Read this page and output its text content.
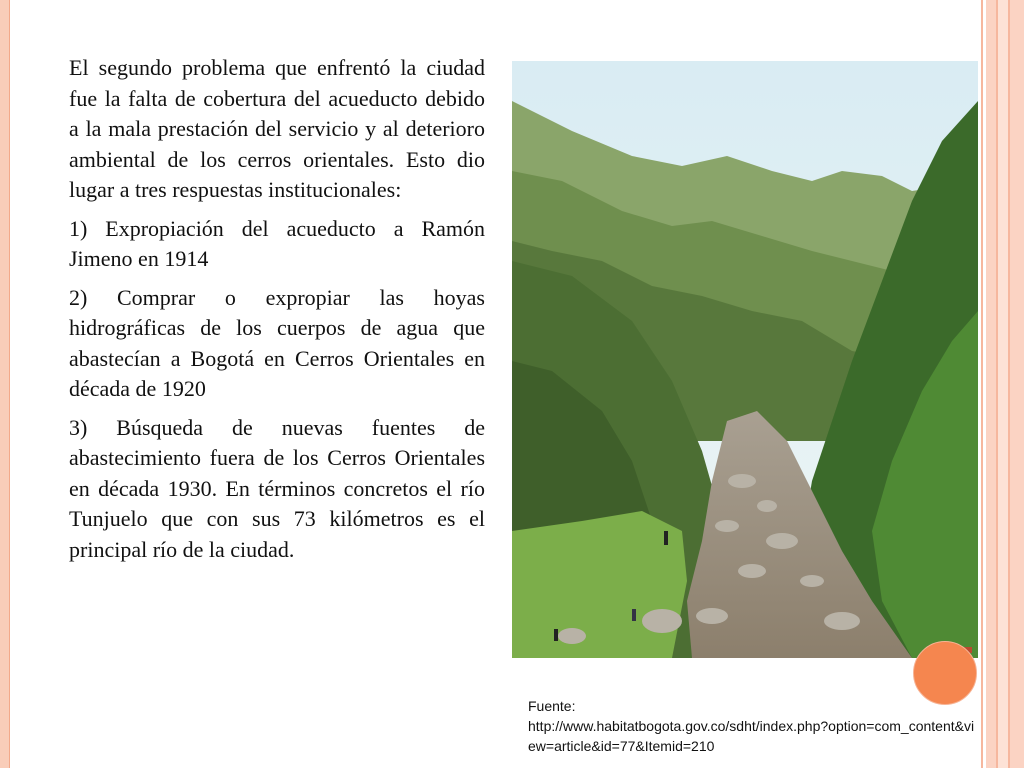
El segundo problema que enfrentó la ciudad fue la falta de cobertura del acueducto debido a la mala prestación del servicio y al deterioro ambiental de los cerros orientales. Esto dio lugar a tres respuestas institucionales:

1) Expropiación del acueducto a Ramón Jimeno en 1914

2) Comprar o expropiar las hoyas hidrográficas de los cuerpos de agua que abastecían a Bogotá en Cerros Orientales en década de 1920

3) Búsqueda de nuevas fuentes de abastecimiento fuera de los Cerros Orientales en década 1930. En términos concretos el río Tunjuelo que con sus 73 kilómetros es el principal río de la ciudad.

Fuente:
http://www.habitatbogota.gov.co/sdht/index.php?option=com_content&view=article&id=77&Itemid=210
